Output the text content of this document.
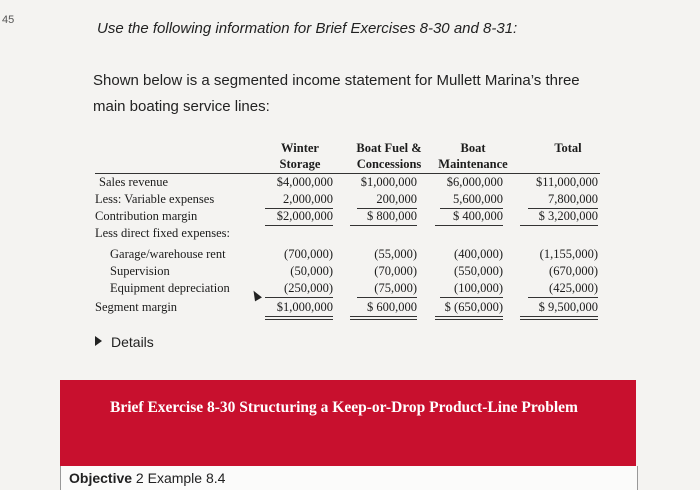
45	Use the following information for Brief Exercises 8-30 and 8-31:
Shown below is a segmented income statement for Mullett Marina’s three main boating service lines:
Winter
Storage
Boat Fuel &
Concessions
Boat
Maintenance
Total
Sales revenue
Less: Variable expenses
Contribution margin
Less direct fixed expenses:
Garage/warehouse rent
Supervision
Equipment depreciation
Segment margin
$4,000,000
2,000,000
$2,000,000
(700,000)
(50,000)
(250,000)
$1,000,000
$1,000,000
200,000
$ 800,000
(55,000)
(70,000)
(75,000)
$ 600,000
$6,000,000
5,600,000
$ 400,000
(400,000)
(550,000)
(100,000)
$ (650,000)
$11,000,000
7,800,000
$ 3,200,000
(1,155,000)
(670,000)
(425,000)
$ 9,500,000
Details
Brief Exercise 8-30 Structuring a Keep-or-Drop Product-Line Problem
Objective 2 Example 8.4
